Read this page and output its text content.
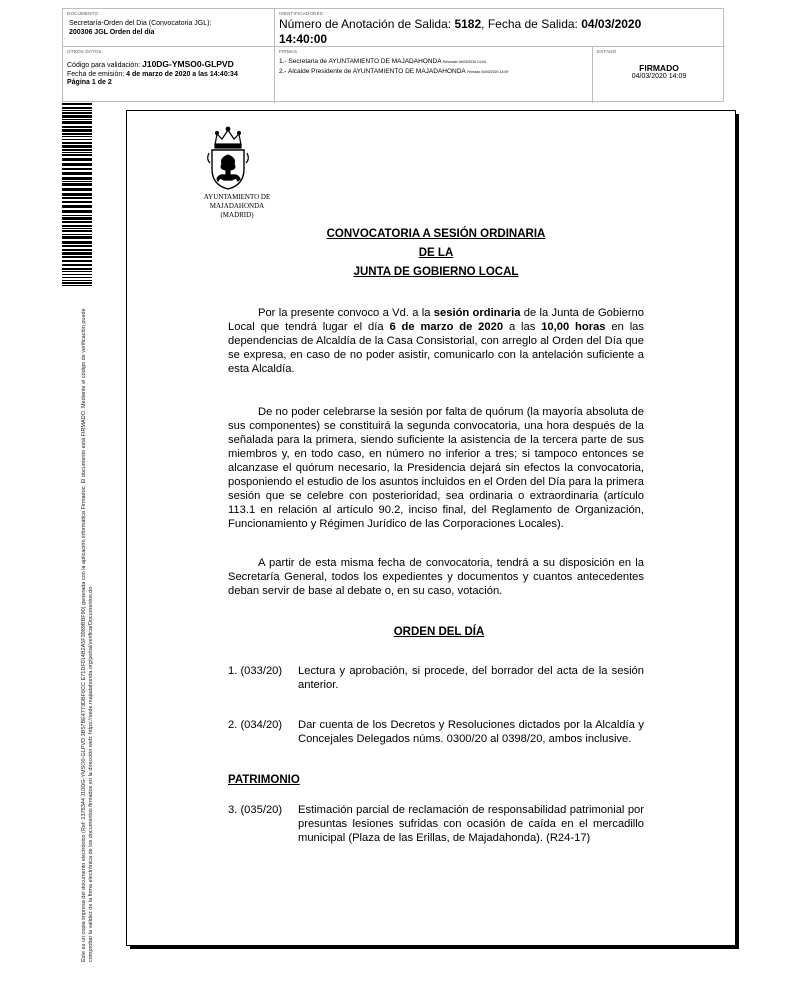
DOCUMENTO
Secretaría-Orden del Dia (Convocatoria JGL):
200306 JGL Orden del día
IDENTIFICADORES
Número de Anotación de Salida: 5182, Fecha de Salida: 04/03/2020
14:40:00
OTROS DATOS
Código para validación: J10DG-YMSO0-GLPVD
Fecha de emisión: 4 de marzo de 2020 a las 14:40:34
Página 1 de 2
FIRMAS
1.- Secretaria de AYUNTAMIENTO DE MAJADAHONDA Revisado 04/03/2020 14:04
2.- Alcalde Presidente de AYUNTAMIENTO DE MAJADAHONDA Firmado 04/03/2020 14:09
ESTADO
FIRMADO
04/03/2020 14:09
Este es un copia impresa del documento electrónico (Ref: 1376344 J10DG-YMSO0-GLPVD 3B57BE4773DBF6CC E71DF014B2A5F3989BBF90) generada con la aplicación informática Firmadoc. El documento está FIRMADO. Mediante el código de verificación puede comprobar la validez de la firma electrónica de los documentos firmados en la dirección web: https://sede.majadahonda.org/portal/verificarDocumentos.do
AYUNTAMIENTO DE
MAJADAHONDA
(MADRID)
CONVOCATORIA A SESIÓN ORDINARIA
DE LA
JUNTA DE GOBIERNO LOCAL
Por la presente convoco a Vd. a la sesión ordinaria de la Junta de Gobierno Local que tendrá lugar el día 6 de marzo de 2020 a las 10,00 horas en las dependencias de Alcaldía de la Casa Consistorial, con arreglo al Orden del Día que se expresa, en caso de no poder asistir, comunicarlo con la antelación suficiente a esta Alcaldía.
De no poder celebrarse la sesión por falta de quórum (la mayoría absoluta de sus componentes) se constituirá la segunda convocatoria, una hora después de la señalada para la primera, siendo suficiente la asistencia de la tercera parte de sus miembros y, en todo caso, en número no inferior a tres; si tampoco entonces se alcanzase el quórum necesario, la Presidencia dejará sin efectos la convocatoria, posponiendo el estudio de los asuntos incluidos en el Orden del Día para la primera sesión que se celebre con posterioridad, sea ordinaria o extraordinaria (artículo 113.1 en relación al artículo 90.2, inciso final, del Reglamento de Organización, Funcionamiento y Régimen Jurídico de las Corporaciones Locales).
A partir de esta misma fecha de convocatoria, tendrá a su disposición en la Secretaría General, todos los expedientes y documentos y cuantos antecedentes deban servir de base al debate o, en su caso, votación.
ORDEN DEL DÍA
1. (033/20)	Lectura y aprobación, si procede, del borrador del acta de la sesión anterior.
2. (034/20)	Dar cuenta de los Decretos y Resoluciones dictados por la Alcaldía y Concejales Delegados núms. 0300/20 al 0398/20, ambos inclusive.
PATRIMONIO
3. (035/20)	Estimación parcial de reclamación de responsabilidad patrimonial por presuntas lesiones sufridas con ocasión de caída en el mercadillo municipal (Plaza de las Erillas, de Majadahonda). (R24-17)
